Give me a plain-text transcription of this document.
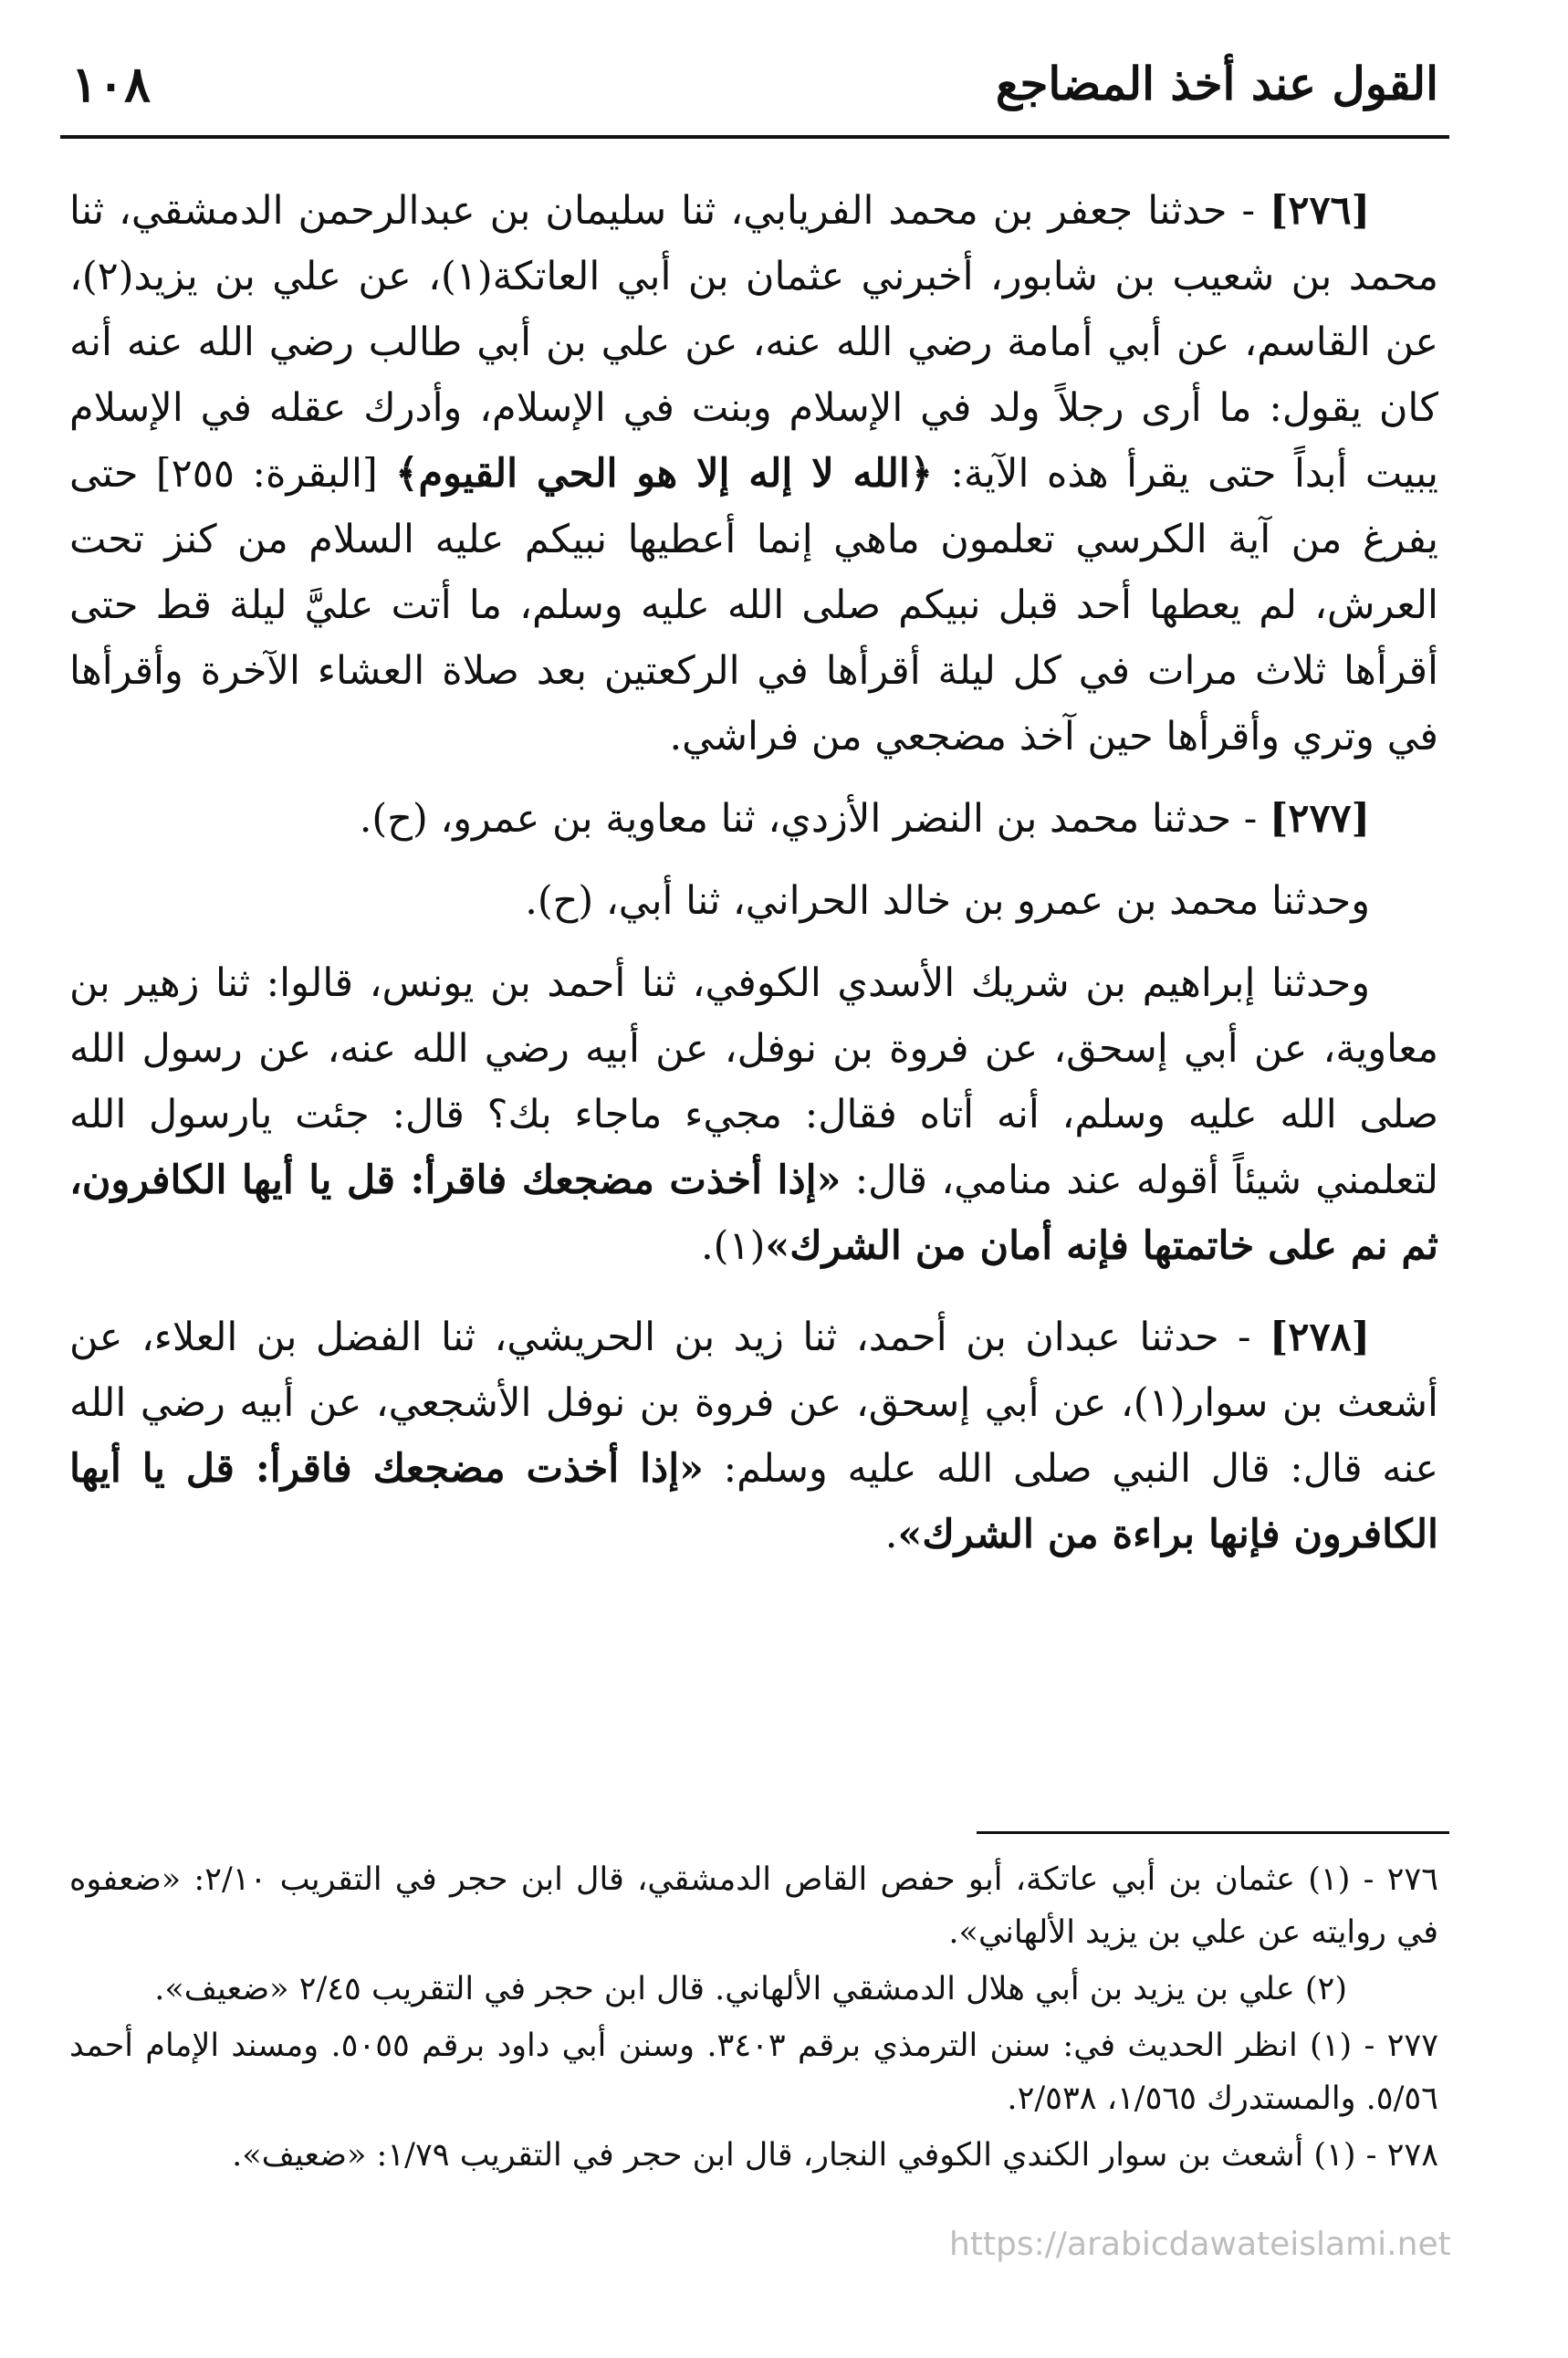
١٠٨	القول عند أخذ المضاجع

[٢٧٦] - حدثنا جعفر بن محمد الفريابي، ثنا سليمان بن عبدالرحمن الدمشقي، ثنا محمد بن شعيب بن شابور، أخبرني عثمان بن أبي العاتكة(١)، عن علي بن يزيد(٢)، عن القاسم، عن أبي أمامة رضي الله عنه، عن علي بن أبي طالب رضي الله عنه أنه كان يقول: ما أرى رجلاً ولد في الإسلام وبنت في الإسلام، وأدرك عقله في الإسلام يبيت أبداً حتى يقرأ هذه الآية: ﴿الله لا إله إلا هو الحي القيوم﴾ [البقرة: ٢٥٥] حتى يفرغ من آية الكرسي تعلمون ماهي إنما أعطيها نبيكم عليه السلام من كنز تحت العرش، لم يعطها أحد قبل نبيكم صلى الله عليه وسلم، ما أتت عليَّ ليلة قط حتى أقرأها ثلاث مرات في كل ليلة أقرأها في الركعتين بعد صلاة العشاء الآخرة وأقرأها في وتري وأقرأها حين آخذ مضجعي من فراشي.

[٢٧٧] - حدثنا محمد بن النضر الأزدي، ثنا معاوية بن عمرو، (ح).

وحدثنا محمد بن عمرو بن خالد الحراني، ثنا أبي، (ح).

وحدثنا إبراهيم بن شريك الأسدي الكوفي، ثنا أحمد بن يونس، قالوا: ثنا زهير بن معاوية، عن أبي إسحق، عن فروة بن نوفل، عن أبيه رضي الله عنه، عن رسول الله صلى الله عليه وسلم، أنه أتاه فقال: مجيء ماجاء بك؟ قال: جئت يارسول الله لتعلمني شيئاً أقوله عند منامي، قال: «إذا أخذت مضجعك فاقرأ: قل يا أيها الكافرون، ثم نم على خاتمتها فإنه أمان من الشرك»(١).

[٢٧٨] - حدثنا عبدان بن أحمد، ثنا زيد بن الحريشي، ثنا الفضل بن العلاء، عن أشعث بن سوار(١)، عن أبي إسحق، عن فروة بن نوفل الأشجعي، عن أبيه رضي الله عنه قال: قال النبي صلى الله عليه وسلم: «إذا أخذت مضجعك فاقرأ: قل يا أيها الكافرون فإنها براءة من الشرك».

٢٧٦ - (١) عثمان بن أبي عاتكة، أبو حفص القاص الدمشقي، قال ابن حجر في التقريب ٢/١٠: «ضعفوه في روايته عن علي بن يزيد الألهاني».

(٢) علي بن يزيد بن أبي هلال الدمشقي الألهاني. قال ابن حجر في التقريب ٢/٤٥ «ضعيف».

٢٧٧ - (١) انظر الحديث في: سنن الترمذي برقم ٣٤٠٣. وسنن أبي داود برقم ٥٠٥٥. ومسند الإمام أحمد ٥/٥٦. والمستدرك ١/٥٦٥، ٢/٥٣٨.

٢٧٨ - (١) أشعث بن سوار الكندي الكوفي النجار، قال ابن حجر في التقريب ١/٧٩: «ضعيف».

https://arabicdawateislami.net
